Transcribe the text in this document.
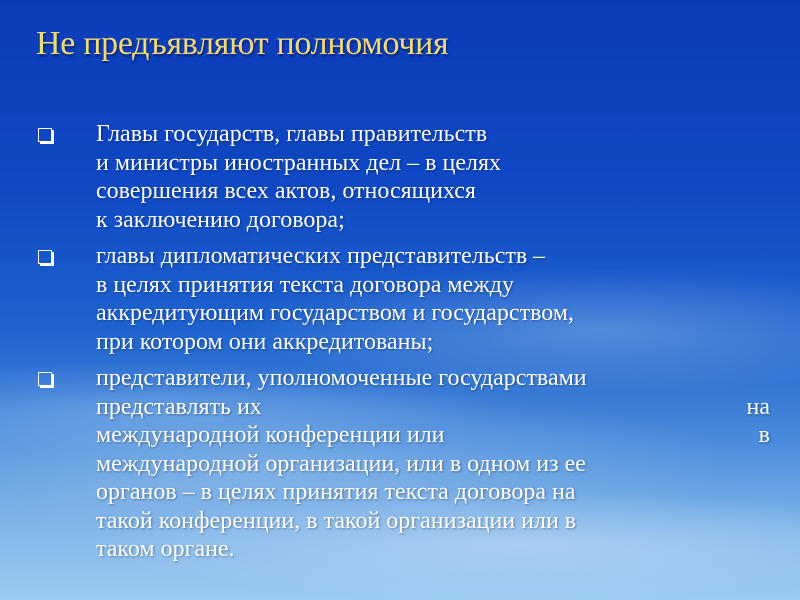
Не предъявляют полномочия
Главы государств, главы правительств
и министры иностранных дел – в целях
совершения всех актов, относящихся
к заключению договора;
главы дипломатических представительств –
в целях принятия текста договора между
аккредитующим государством и государством,
при котором они аккредитованы;
представители, уполномоченные государствами
представлять их	на
международной конференции или	в
международной организации, или в одном из ее
органов – в целях принятия текста договора на
такой конференции, в такой организации или в
таком органе.
